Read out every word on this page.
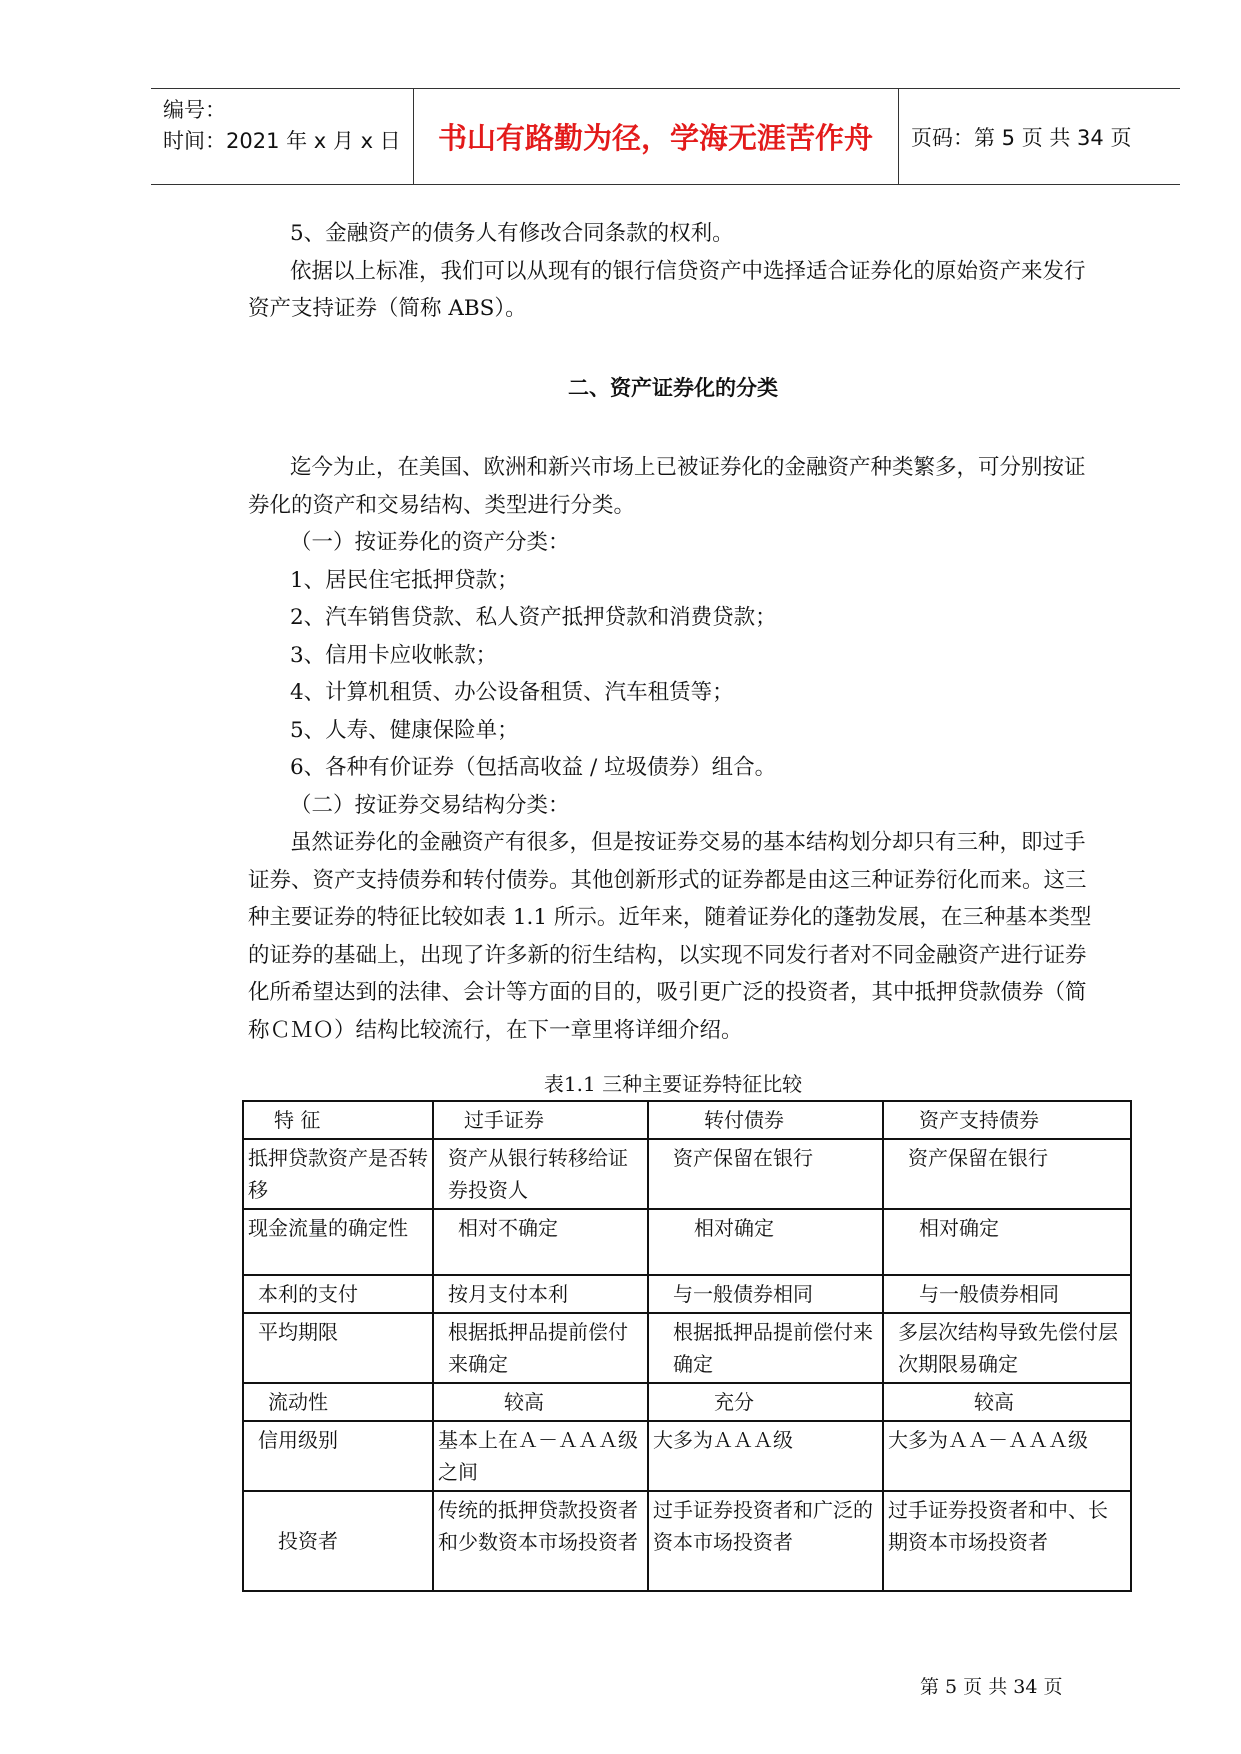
编号：
时间：2021 年 x 月 x 日	书山有路勤为径，学海无涯苦作舟	页码：第 5 页 共 34 页

5、金融资产的债务人有修改合同条款的权利。

依据以上标准，我们可以从现有的银行信贷资产中选择适合证券化的原始资产来发行资产支持证券（简称 ABS）。

二、资产证券化的分类

迄今为止，在美国、欧洲和新兴市场上已被证券化的金融资产种类繁多，可分别按证券化的资产和交易结构、类型进行分类。

（一）按证券化的资产分类：

1、居民住宅抵押贷款；

2、汽车销售贷款、私人资产抵押贷款和消费贷款；

3、信用卡应收帐款；

4、计算机租赁、办公设备租赁、汽车租赁等；

5、人寿、健康保险单；

6、各种有价证券（包括高收益 / 垃圾债券）组合。

（二）按证券交易结构分类：

虽然证券化的金融资产有很多，但是按证券交易的基本结构划分却只有三种，即过手证券、资产支持债券和转付债券。其他创新形式的证券都是由这三种证券衍化而来。这三种主要证券的特征比较如表 1.1 所示。近年来，随着证券化的蓬勃发展，在三种基本类型的证券的基础上，出现了许多新的衍生结构，以实现不同发行者对不同金融资产进行证券化所希望达到的法律、会计等方面的目的，吸引更广泛的投资者，其中抵押贷款债券（简称ＣＭＯ）结构比较流行，在下一章里将详细介绍。

表1.1 三种主要证券特征比较
特 征	过手证券	转付债券	资产支持债券
抵押贷款资产是否转移	资产从银行转移给证券投资人	资产保留在银行	资产保留在银行
现金流量的确定性	相对不确定	相对确定	相对确定
本利的支付	按月支付本利	与一般债券相同	与一般债券相同
平均期限	根据抵押品提前偿付来确定	根据抵押品提前偿付来确定	多层次结构导致先偿付层次期限易确定
流动性	较高	充分	较高
信用级别	基本上在Ａ－ＡＡＡ级之间	大多为ＡＡＡ级	大多为ＡＡ－ＡＡＡ级
投资者	传统的抵押贷款投资者和少数资本市场投资者	过手证券投资者和广泛的资本市场投资者	过手证券投资者和中、长期资本市场投资者
第 5 页 共 34 页
